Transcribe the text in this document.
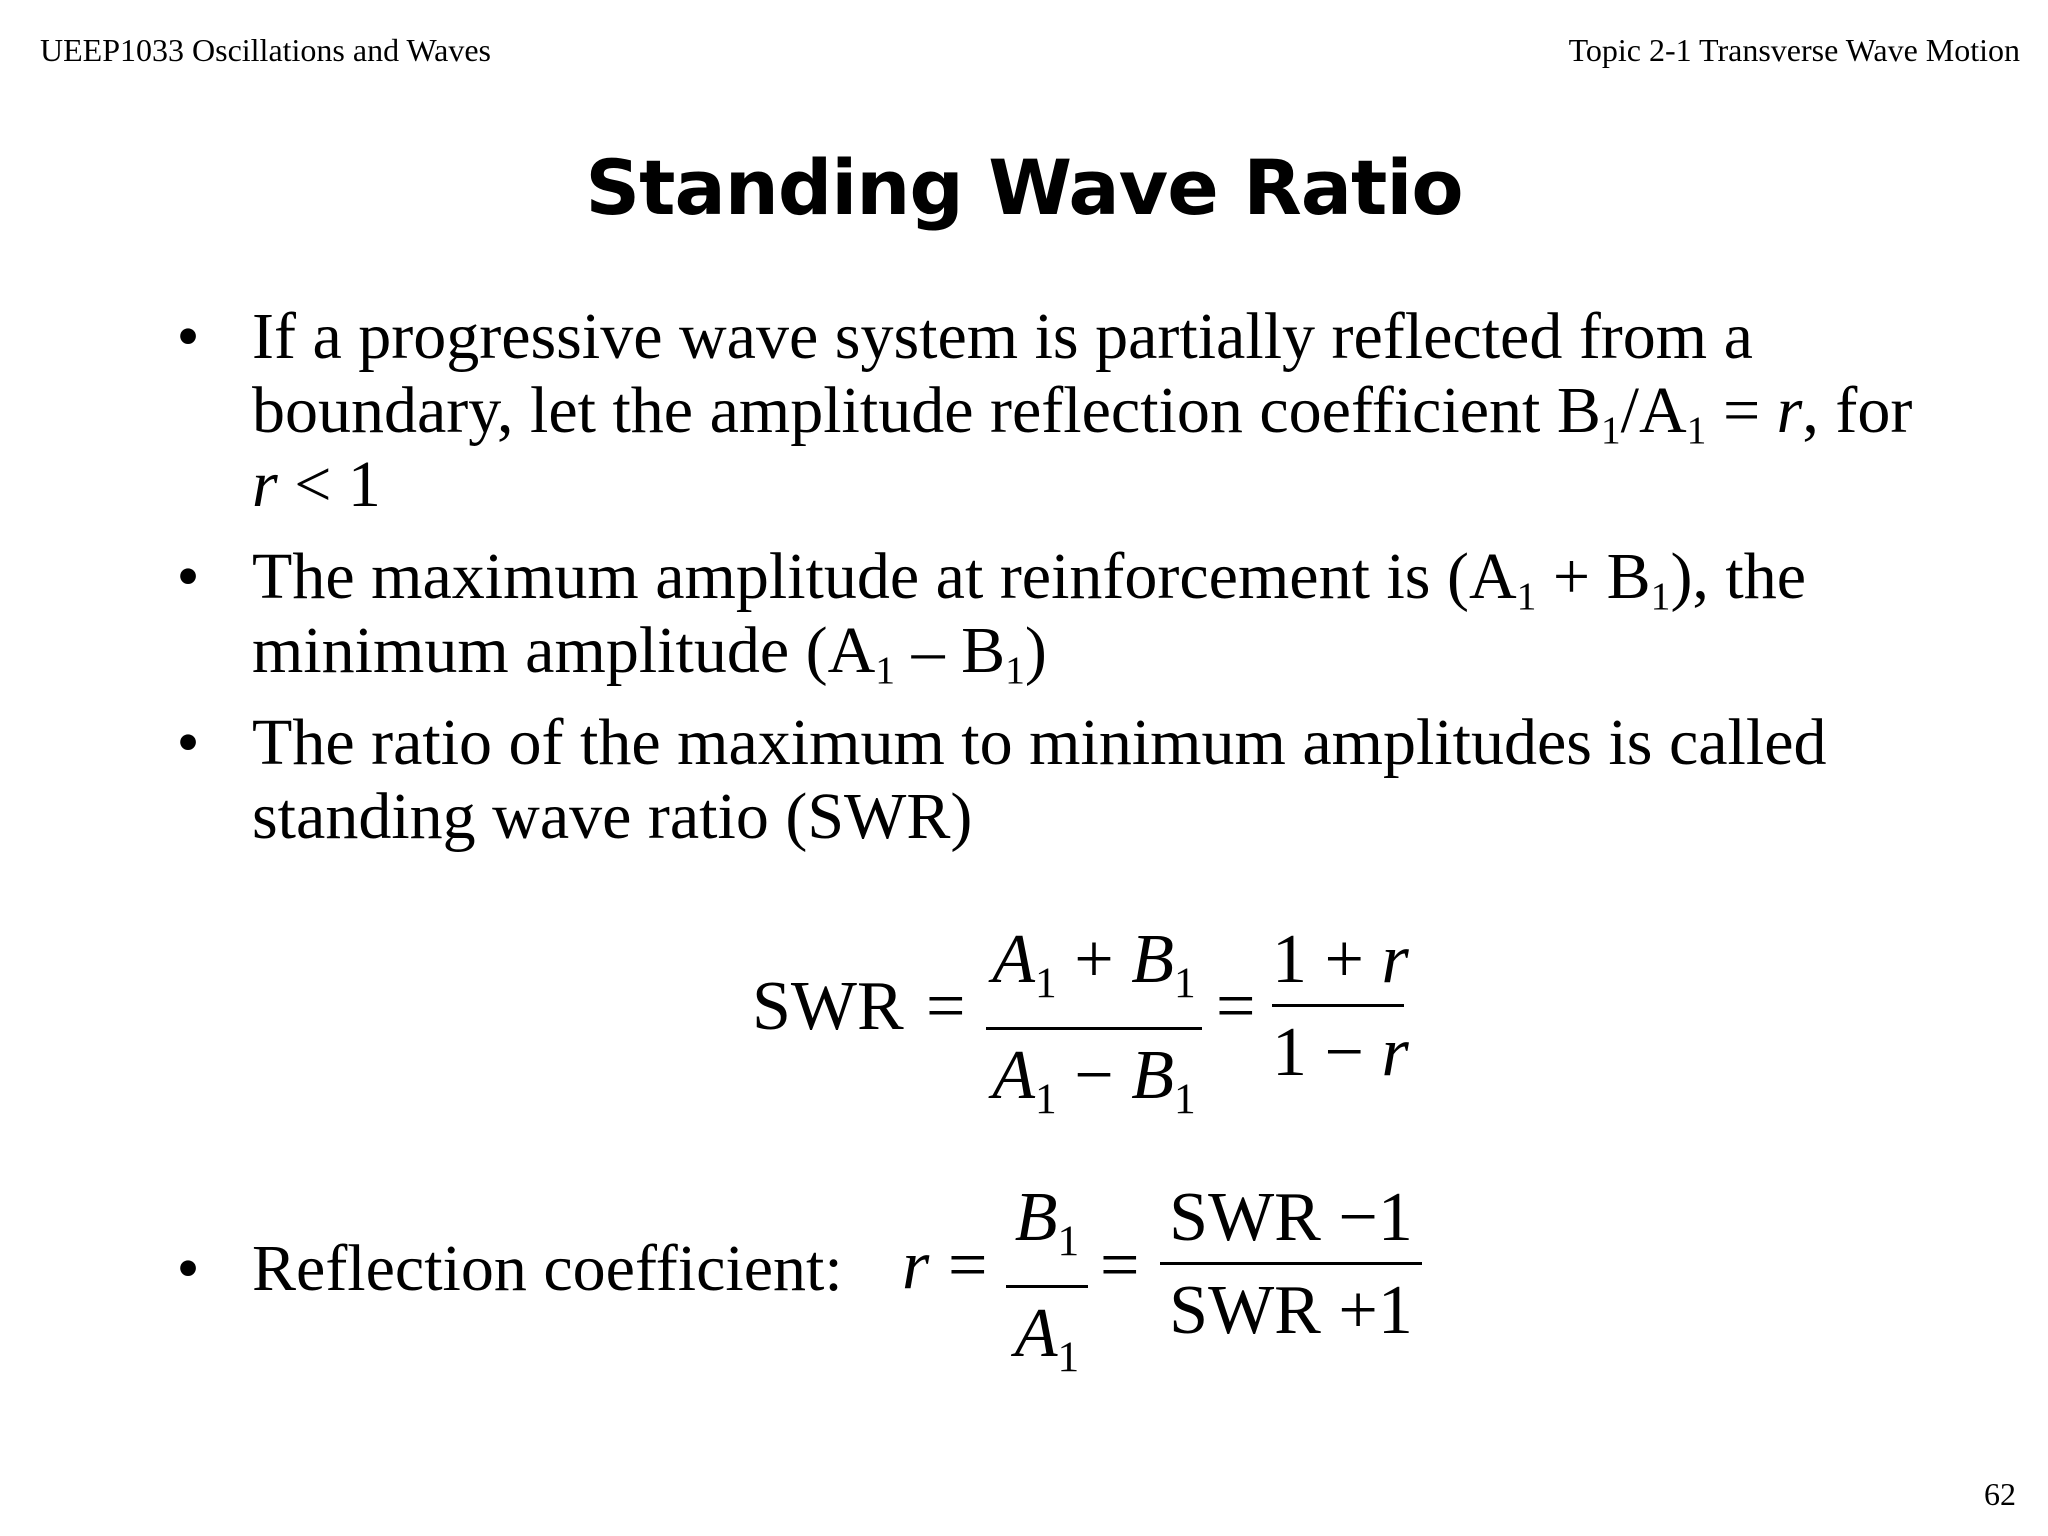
UEEP1033 Oscillations and Waves	Topic 2-1 Transverse Wave Motion
Standing Wave Ratio
• If a progressive wave system is partially reflected from a boundary, let the amplitude reflection coefficient $B_1/A_1 = r$, for r < 1
• The maximum amplitude at reinforcement is $(A_1 + B_1)$, the minimum amplitude $(A_1 - B_1)$
• The ratio of the maximum to minimum amplitudes is called standing wave ratio (SWR)
SWR = $\frac{A_1 + B_1}{A_1 - B_1} = \frac{1 + r}{1 - r}$
• Reflection coefficient: $r = \frac{B_1}{A_1}$ =
SWR −1
SWR +1
62
